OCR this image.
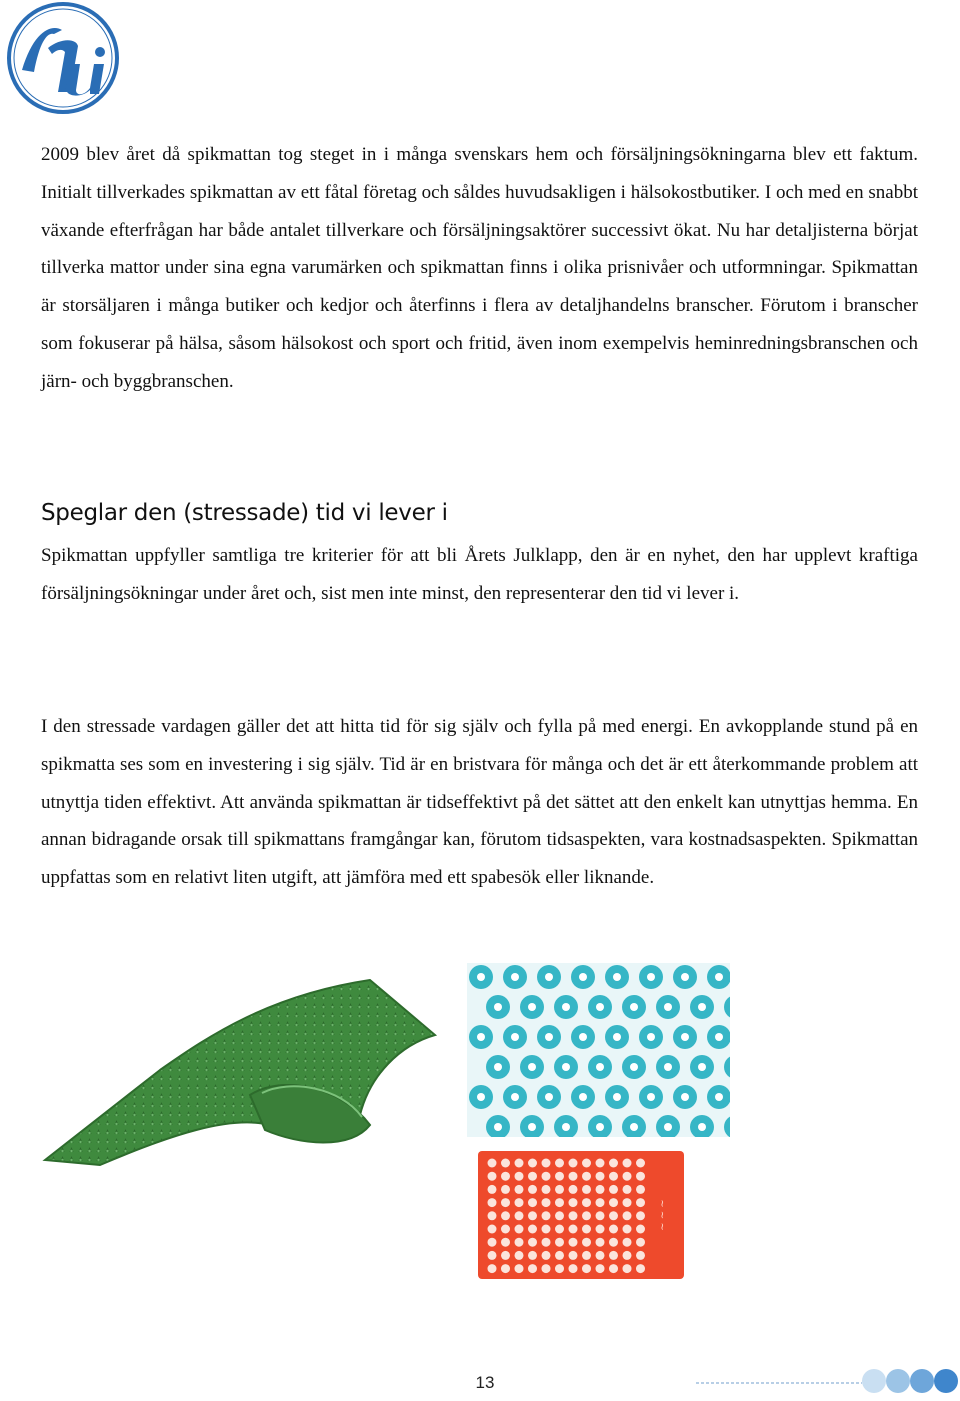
2009 blev året då spikmattan tog steget in i många svenskars hem och försäljningsökningarna blev ett faktum. Initialt tillverkades spikmattan av ett fåtal företag och såldes huvudsakligen i hälsokostbutiker. I och med en snabbt växande efterfrågan har både antalet tillverkare och försäljningsaktörer successivt ökat. Nu har detaljisterna börjat tillverka mattor under sina egna varumärken och spikmattan finns i olika prisnivåer och utformningar. Spikmattan är storsäljaren i många butiker och kedjor och återfinns i flera av detaljhandelns branscher. Förutom i branscher som fokuserar på hälsa, såsom hälsokost och sport och fritid, även inom exempelvis heminredningsbranschen och järn- och byggbranschen.

Speglar den (stressade) tid vi lever i

Spikmattan uppfyller samtliga tre kriterier för att bli Årets Julklapp, den är en nyhet, den har upplevt kraftiga försäljningsökningar under året och, sist men inte minst, den representerar den tid vi lever i.

I den stressade vardagen gäller det att hitta tid för sig själv och fylla på med energi. En avkopplande stund på en spikmatta ses som en investering i sig själv. Tid är en bristvara för många och det är ett återkommande problem att utnyttja tiden effektivt. Att använda spikmattan är tidseffektivt på det sättet att den enkelt kan utnyttjas hemma. En annan bidragande orsak till spikmattans framgångar kan, förutom tidsaspekten, vara kostnadsaspekten. Spikmattan uppfattas som en relativt liten utgift, att jämföra med ett spabesök eller liknande.

~ ~ ~
13
